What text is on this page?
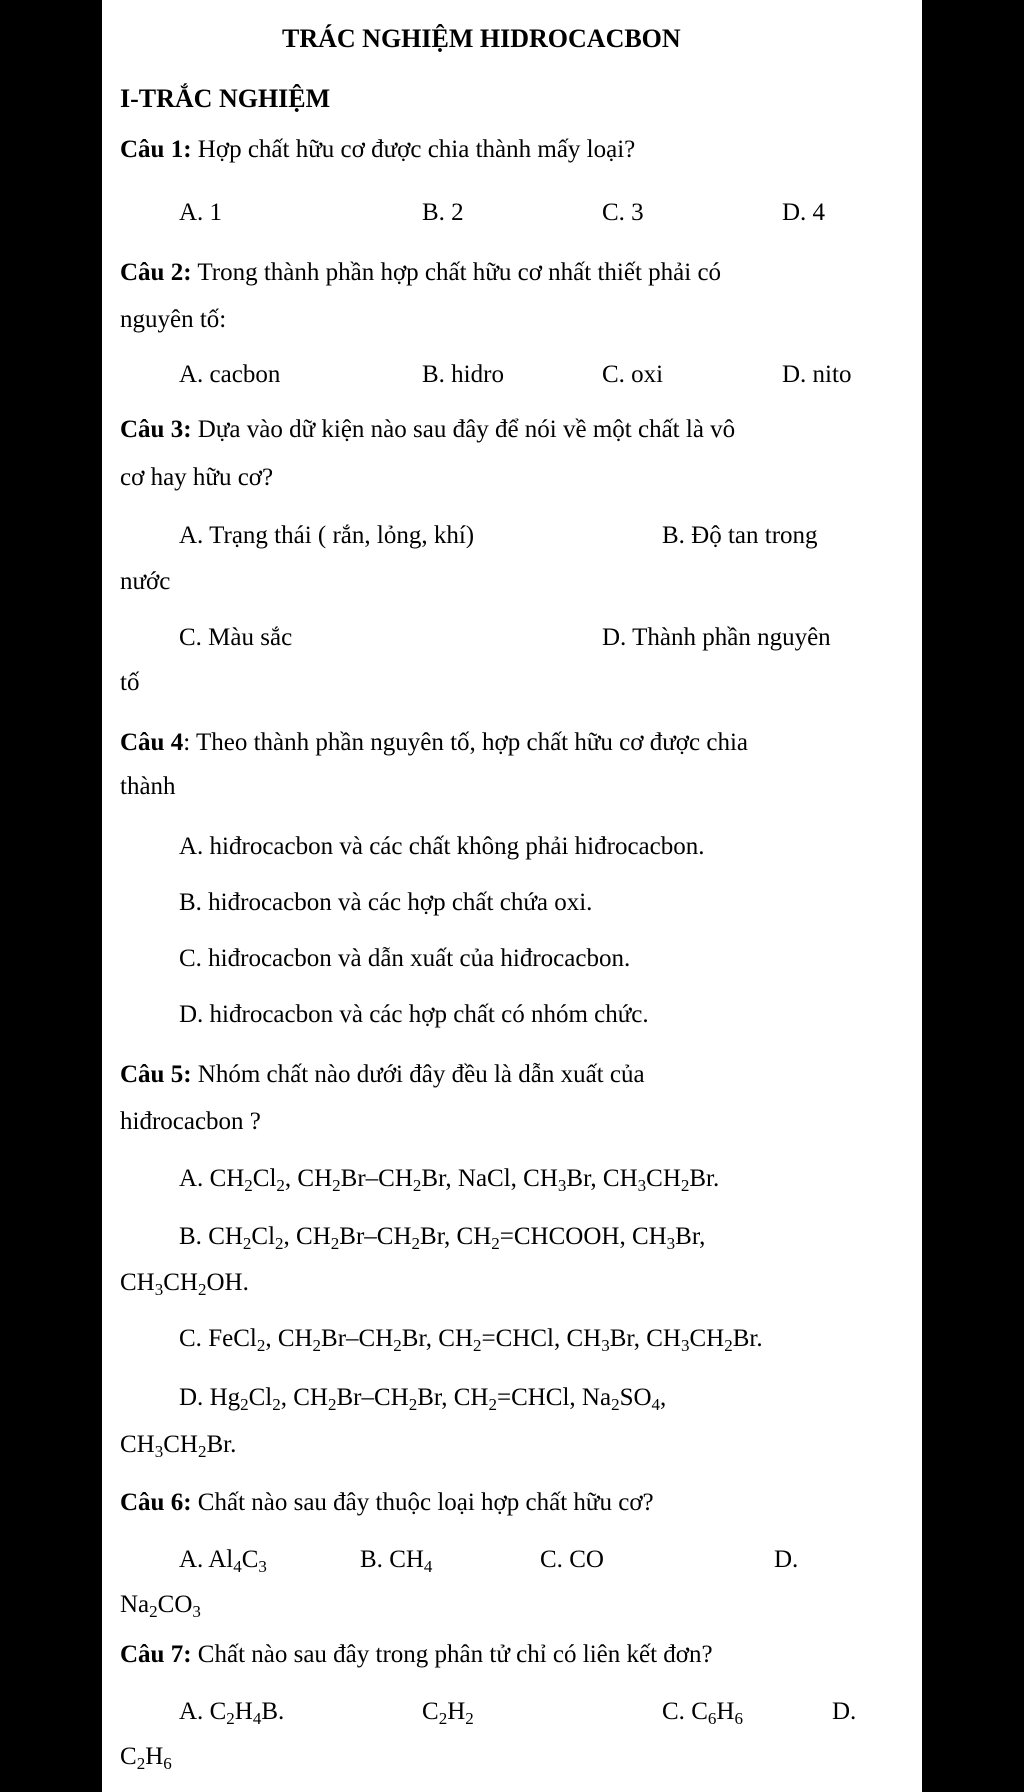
TRÁC NGHIỆM HIDROCACBON
I-TRẮC NGHIỆM
Câu 1: Hợp chất hữu cơ được chia thành mấy loại?
A. 1	B. 2	C. 3	D. 4
Câu 2: Trong thành phần hợp chất hữu cơ nhất thiết phải có
nguyên tố:
A. cacbon	B. hidro	C. oxi	D. nito
Câu 3: Dựa vào dữ kiện nào sau đây để nói về một chất là vô
cơ hay hữu cơ?
A. Trạng thái ( rắn, lỏng, khí)	B. Độ tan trong
nước
C. Màu sắc	D. Thành phần nguyên
tố
Câu 4: Theo thành phần nguyên tố, hợp chất hữu cơ được chia
thành
A. hiđrocacbon và các chất không phải hiđrocacbon.
B. hiđrocacbon và các hợp chất chứa oxi.
C. hiđrocacbon và dẫn xuất của hiđrocacbon.
D. hiđrocacbon và các hợp chất có nhóm chức.
Câu 5: Nhóm chất nào dưới đây đều là dẫn xuất của
hiđrocacbon ?
A. $CH_2Cl_2$, $CH_2Br-CH_2Br$, NaCl, $CH_3Br$, $CH_3CH_2Br$.
B. $CH_2Cl_2$, $CH_2Br-CH_2Br$, $CH_2=CHCOOH$, $CH_3Br$,
$CH_3CH_2OH$.
C. FeCl$_2$, $CH_2Br-CH_2Br$, $CH_2=CHCl$, $CH_3Br$, $CH_3CH_2Br$.
D. $Hg_2Cl_2$, $CH_2Br-CH_2Br$, $CH_2=CHCl$, $Na_2SO_4$,
$CH_3CH_2Br$.
Câu 6: Chất nào sau đây thuộc loại hợp chất hữu cơ?
A. $Al_4C_3$	B. $CH_4$	C. CO	D.
$Na_2CO_3$
Câu 7: Chất nào sau đây trong phân tử chỉ có liên kết đơn?
A. $C_2H_4B$.	$C_2H_2$	C. $C_6H_6$	D.
$C_2H_6$
